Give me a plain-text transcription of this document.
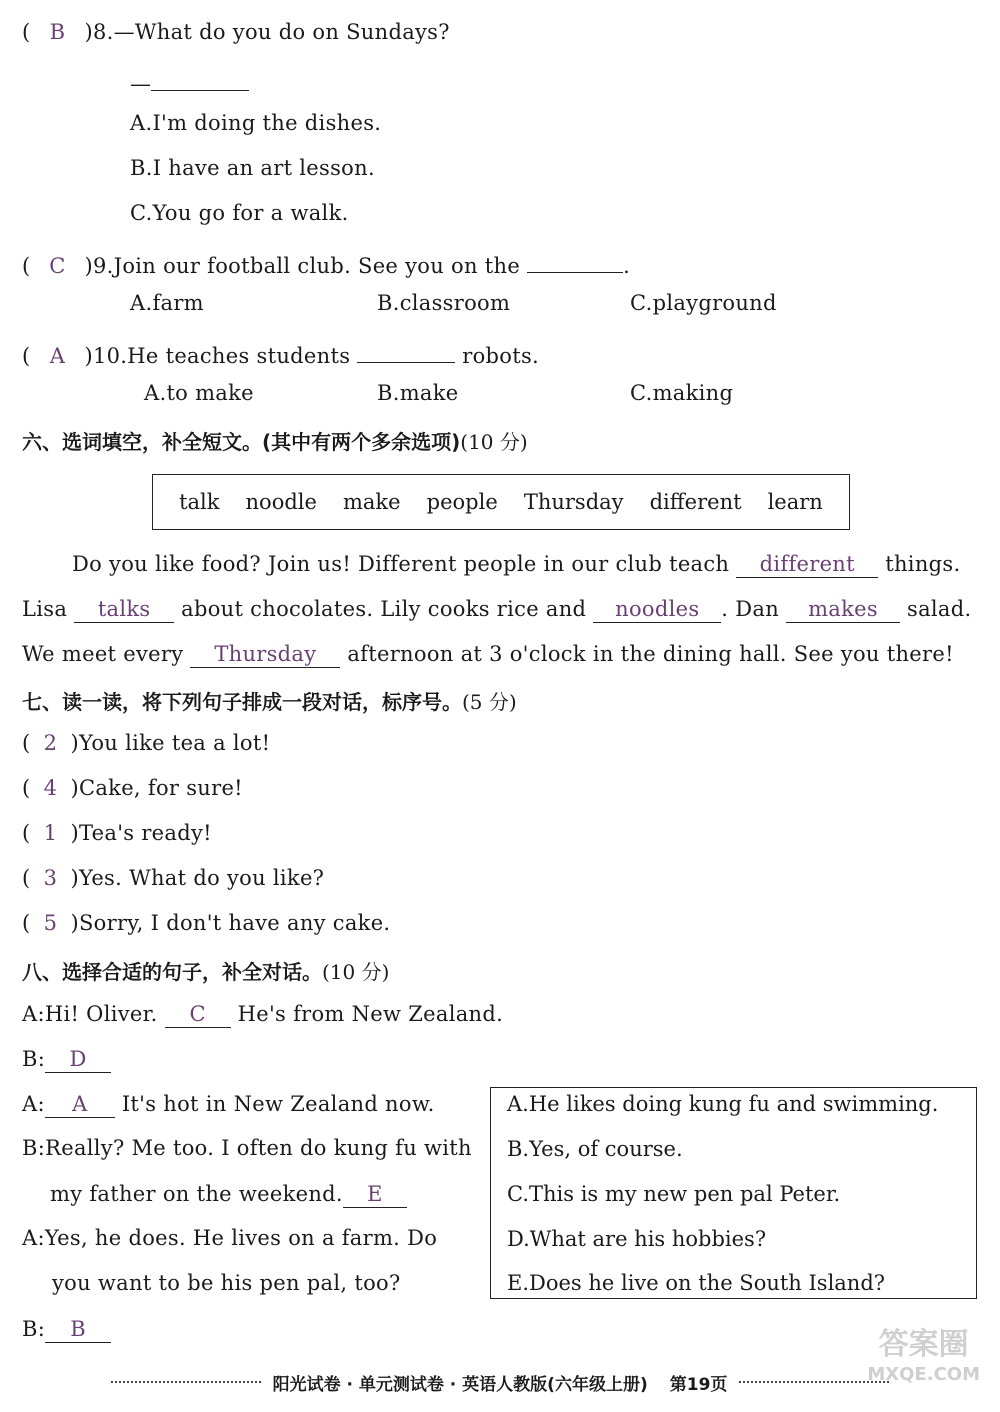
( B )8.—What do you do on Sundays?
—
A.I'm doing the dishes.
B.I have an art lesson.
C.You go for a walk.
( C )9.Join our football club. See you on the	.
A.farm	B.classroom	C.playground
( A )10.He teaches students	robots.
A.to make	B.make	C.making
六、选词填空，补全短文。(其中有两个多余选项)(10 分)
talk noodle make people Thursday different learn
Do you like food? Join us! Different people in our club teach different things.
Lisa talks about chocolates. Lily cooks rice and noodles . Dan makes salad.
We meet every Thursday afternoon at 3 o'clock in the dining hall. See you there!
七、读一读，将下列句子排成一段对话，标序号。(5 分)
( 2 )You like tea a lot!
( 4 )Cake, for sure!
( 1 )Tea's ready!
( 3 )Yes. What do you like?
( 5 )Sorry, I don't have any cake.
八、选择合适的句子，补全对话。(10 分)
A:Hi! Oliver. C He's from New Zealand.
B: D
A: A It's hot in New Zealand now.
B:Really? Me too. I often do kung fu with
my father on the weekend. E
A:Yes, he does. He lives on a farm. Do
you want to be his pen pal, too?
B: B
A.He likes doing kung fu and swimming.
B.Yes, of course.
C.This is my new pen pal Peter.
D.What are his hobbies?
E.Does he live on the South Island?
阳光试卷 · 单元测试卷 · 英语人教版(六年级上册) 第19页
答案圈
MXQE.COM
